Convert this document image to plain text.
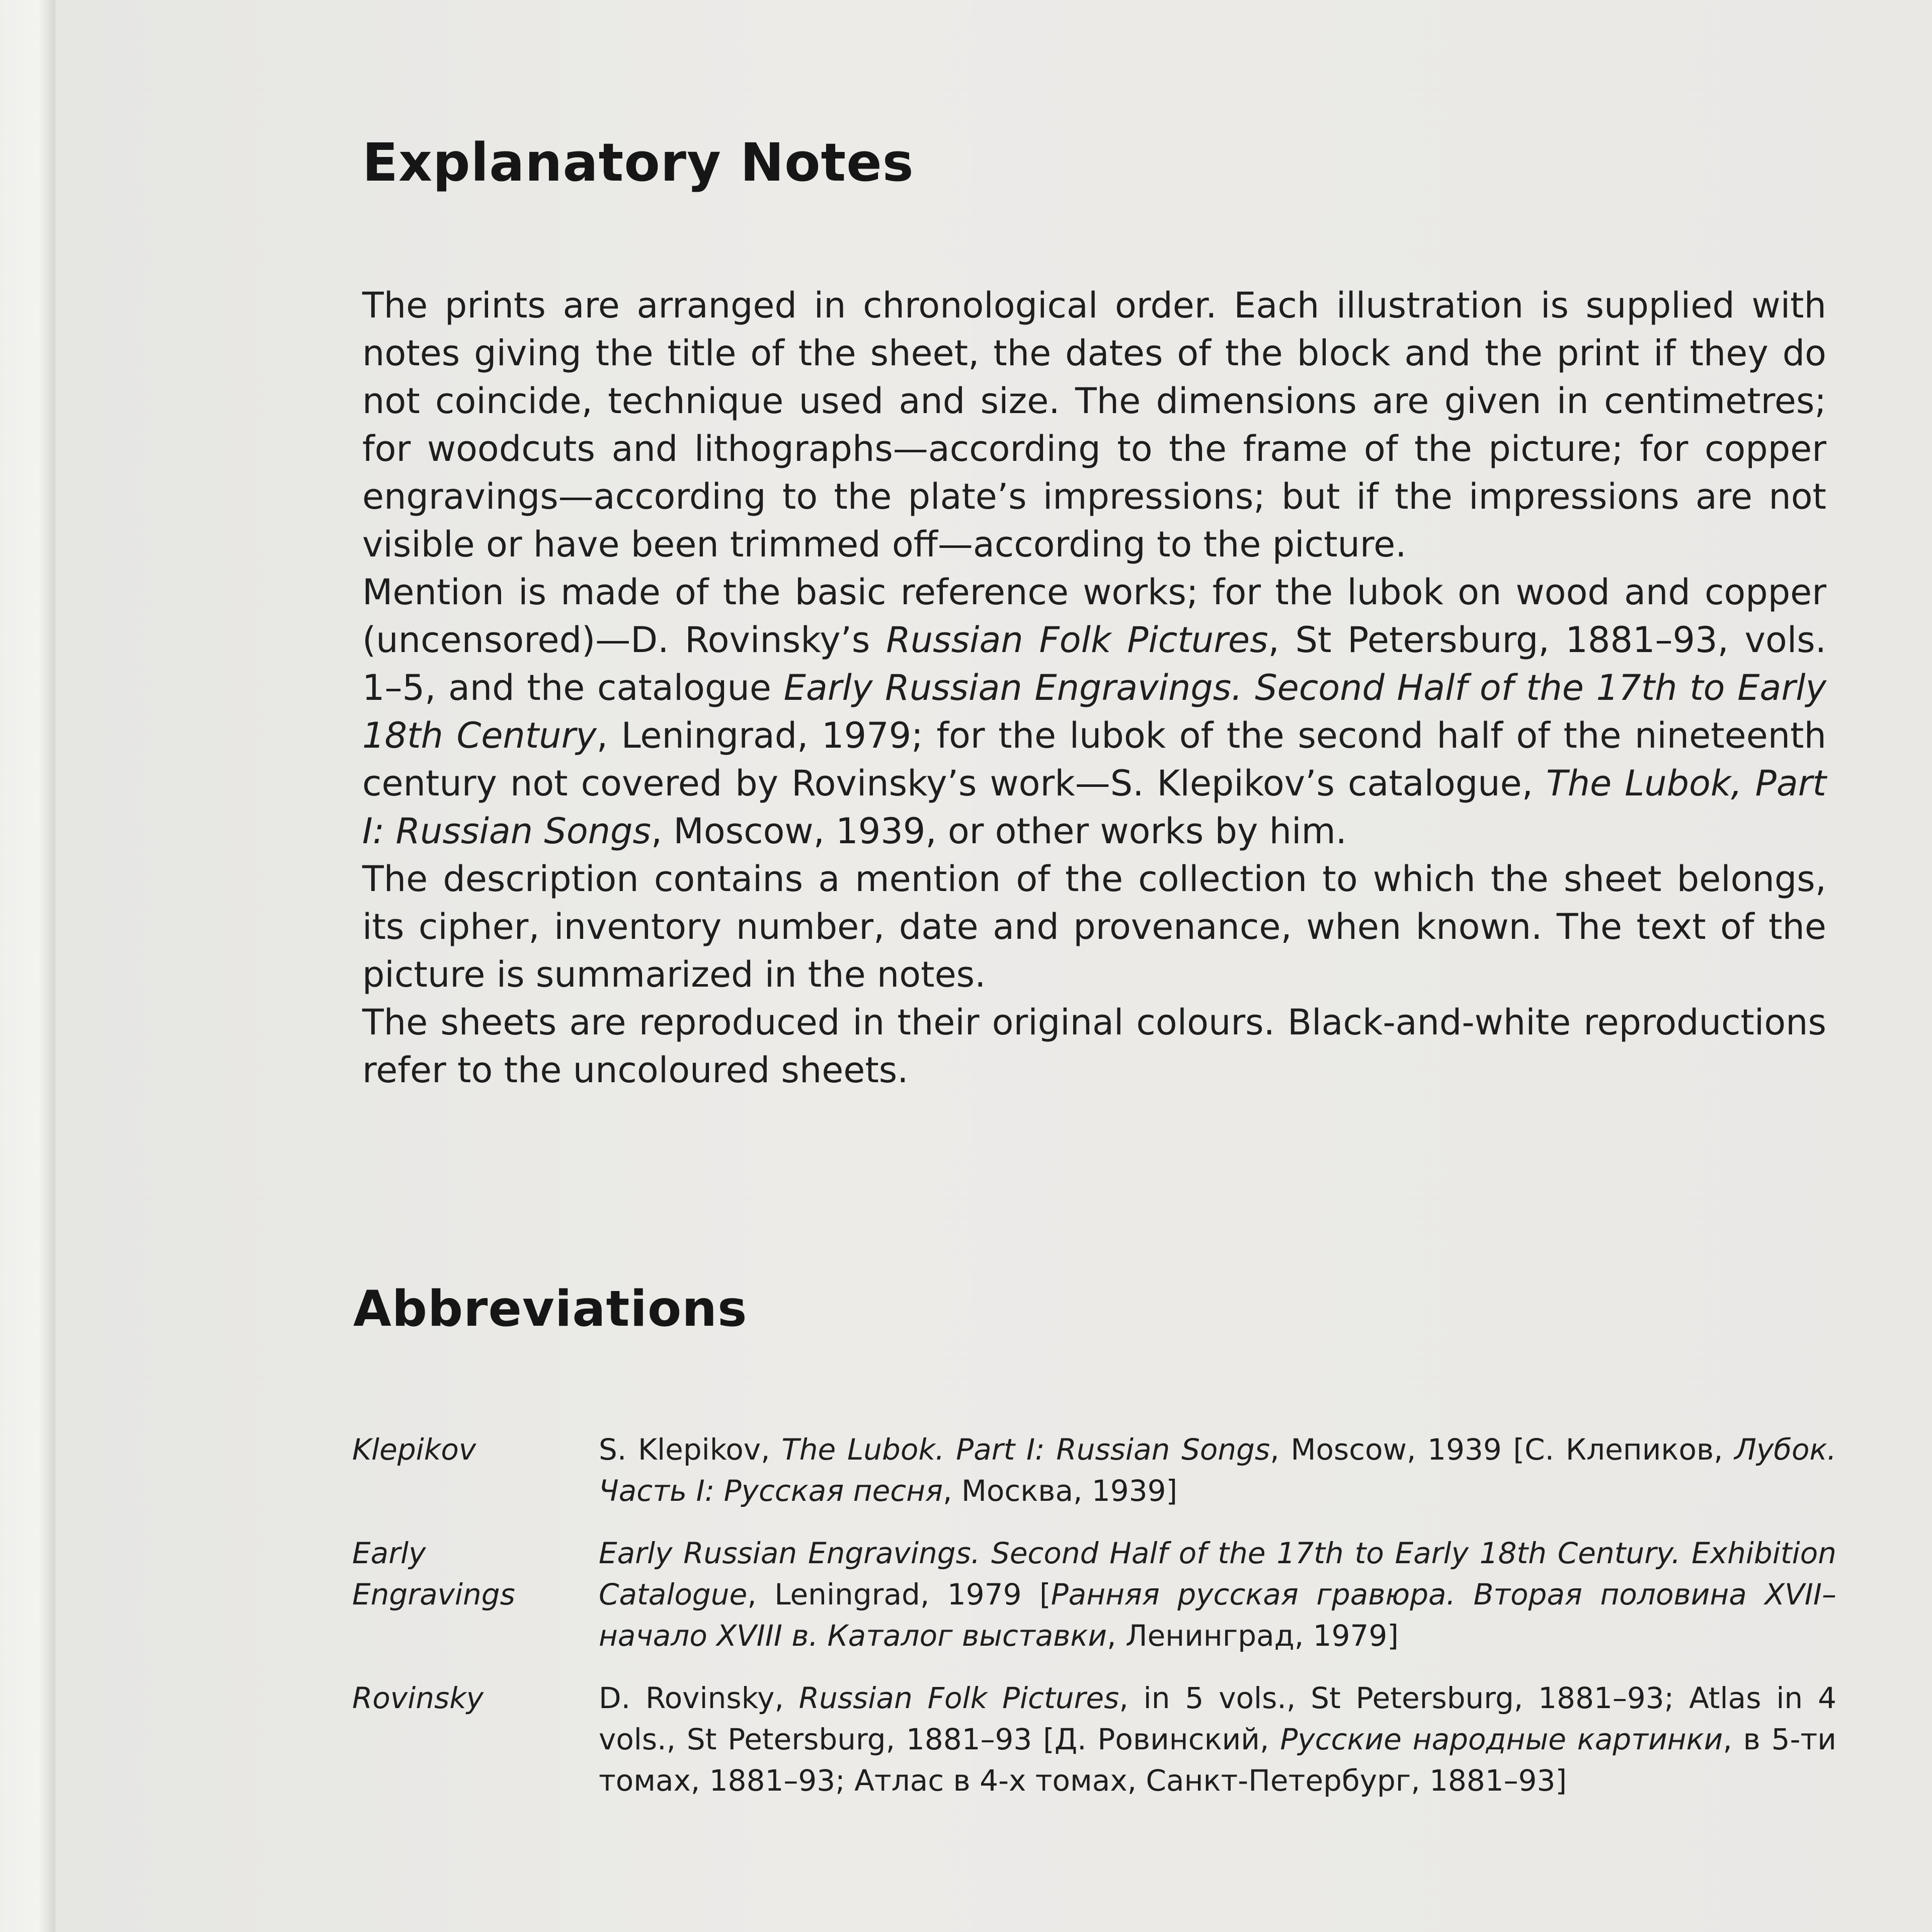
Explanatory Notes

The prints are arranged in chronological order. Each illustration is supplied with notes giving the title of the sheet, the dates of the block and the print if they do not coincide, technique used and size. The dimensions are given in centimetres; for woodcuts and lithographs—according to the frame of the picture; for copper engravings—according to the plate’s impressions; but if the impressions are not visible or have been trimmed off—according to the picture.

Mention is made of the basic reference works; for the lubok on wood and copper (uncensored)—D. Rovinsky’s Russian Folk Pictures, St Petersburg, 1881–93, vols. 1–5, and the catalogue Early Russian Engravings. Second Half of the 17th to Early 18th Century, Leningrad, 1979; for the lubok of the second half of the nineteenth century not covered by Rovinsky’s work—S. Klepikov’s catalogue, The Lubok, Part I: Russian Songs, Moscow, 1939, or other works by him.

The description contains a mention of the collection to which the sheet belongs, its cipher, inventory number, date and provenance, when known. The text of the picture is summarized in the notes.

The sheets are reproduced in their original colours. Black-and-white reproductions refer to the uncoloured sheets.

Abbreviations
Klepikov	S. Klepikov, The Lubok. Part I: Russian Songs, Moscow, 1939 [С. Клепиков, Лубок. Часть I: Русская песня, Москва, 1939]
Early
Engravings
Early Russian Engravings. Second Half of the 17th to Early 18th Century. Exhibition Catalogue, Leningrad, 1979 [Ранняя русская гравюра. Вторая половина XVII–начало XVIII в. Каталог выставки, Ленинград, 1979]
Rovinsky	D. Rovinsky, Russian Folk Pictures, in 5 vols., St Petersburg, 1881–93; Atlas in 4 vols., St Petersburg, 1881–93 [Д. Ровинский, Русские народные картинки, в 5-ти томах, 1881–93; Атлас в 4-х томах, Санкт-Петербург, 1881–93]
